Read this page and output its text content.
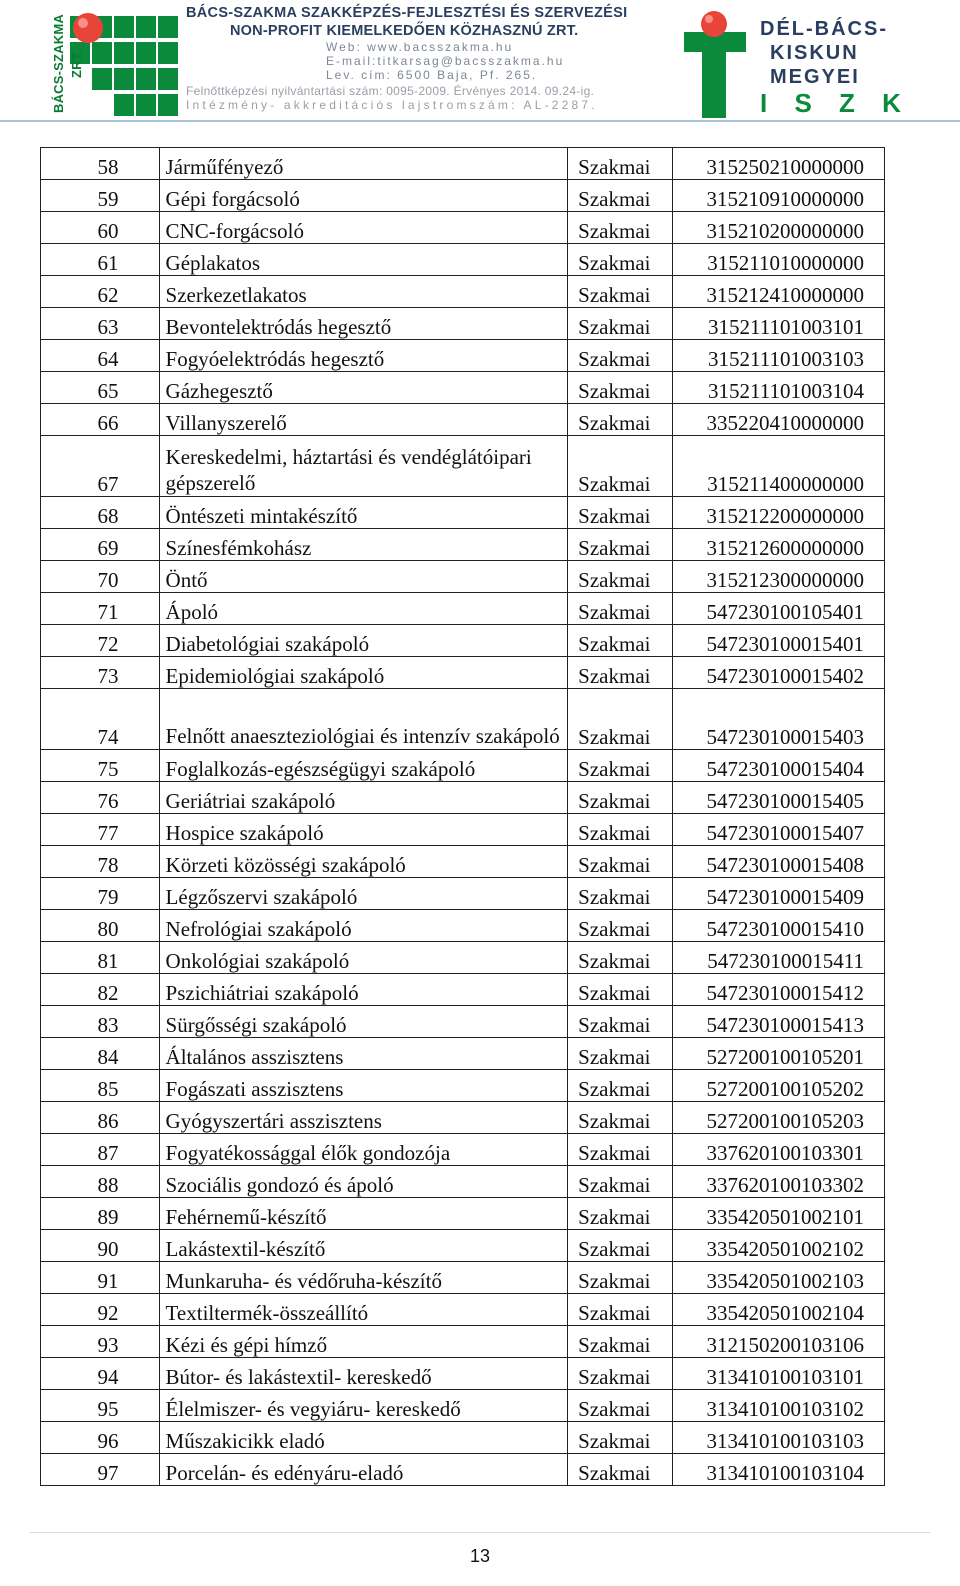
BÁCS-SZAKMA ZRT.
BÁCS-SZAKMA SZAKKÉPZÉS-FEJLESZTÉSI ÉS SZERVEZÉSI
NON-PROFIT KIEMELKEDŐEN KÖZHASZNÚ ZRT.
Web: www.bacsszakma.hu
E-mail:titkarsag@bacsszakma.hu
Lev. cím: 6500 Baja, Pf. 265.
Felnőttképzési nyilvántartási szám: 0095-2009. Érvényes 2014. 09.24-ig.
Intézmény- akkreditációs lajstromszám: AL-2287.
DÉL-BÁCS-
KISKUN
MEGYEI
I S Z K
58	Járműfényező	Szakmai	315250210000000
59	Gépi forgácsoló	Szakmai	315210910000000
60	CNC-forgácsoló	Szakmai	315210200000000
61	Géplakatos	Szakmai	315211010000000
62	Szerkezetlakatos	Szakmai	315212410000000
63	Bevontelektródás hegesztő	Szakmai	315211101003101
64	Fogyóelektródás hegesztő	Szakmai	315211101003103
65	Gázhegesztő	Szakmai	315211101003104
66	Villanyszerelő	Szakmai	335220410000000
67	Kereskedelmi, háztartási és vendéglátóipari gépszerelő	Szakmai	315211400000000
68	Öntészeti mintakészítő	Szakmai	315212200000000
69	Színesfémkohász	Szakmai	315212600000000
70	Öntő	Szakmai	315212300000000
71	Ápoló	Szakmai	547230100105401
72	Diabetológiai szakápoló	Szakmai	547230100015401
73	Epidemiológiai szakápoló	Szakmai	547230100015402
74	Felnőtt anaeszteziológiai és intenzív szakápoló	Szakmai	547230100015403
75	Foglalkozás-egészségügyi szakápoló	Szakmai	547230100015404
76	Geriátriai szakápoló	Szakmai	547230100015405
77	Hospice szakápoló	Szakmai	547230100015407
78	Körzeti közösségi szakápoló	Szakmai	547230100015408
79	Légzőszervi szakápoló	Szakmai	547230100015409
80	Nefrológiai szakápoló	Szakmai	547230100015410
81	Onkológiai szakápoló	Szakmai	547230100015411
82	Pszichiátriai szakápoló	Szakmai	547230100015412
83	Sürgősségi szakápoló	Szakmai	547230100015413
84	Általános asszisztens	Szakmai	527200100105201
85	Fogászati asszisztens	Szakmai	527200100105202
86	Gyógyszertári asszisztens	Szakmai	527200100105203
87	Fogyatékossággal élők gondozója	Szakmai	337620100103301
88	Szociális gondozó és ápoló	Szakmai	337620100103302
89	Fehérnemű-készítő	Szakmai	335420501002101
90	Lakástextil-készítő	Szakmai	335420501002102
91	Munkaruha- és védőruha-készítő	Szakmai	335420501002103
92	Textiltermék-összeállító	Szakmai	335420501002104
93	Kézi és gépi hímző	Szakmai	312150200103106
94	Bútor- és lakástextil- kereskedő	Szakmai	313410100103101
95	Élelmiszer- és vegyiáru- kereskedő	Szakmai	313410100103102
96	Műszakicikk eladó	Szakmai	313410100103103
97	Porcelán- és edényáru-eladó	Szakmai	313410100103104
13
